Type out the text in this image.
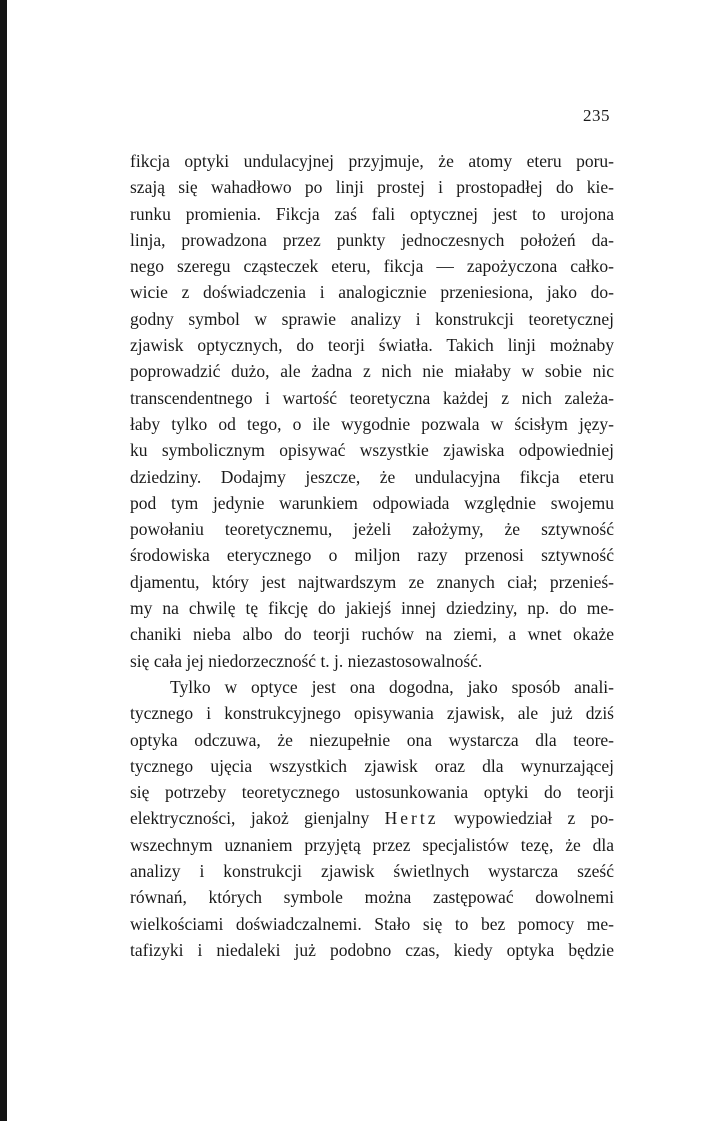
235
fikcja optyki undulacyjnej przyjmuje, że atomy eteru poru-
szają się wahadłowo po linji prostej i prostopadłej do kie-
runku promienia. Fikcja zaś fali optycznej jest to urojona
linja, prowadzona przez punkty jednoczesnych położeń da-
nego szeregu cząsteczek eteru, fikcja — zapożyczona całko-
wicie z doświadczenia i analogicznie przeniesiona, jako do-
godny symbol w sprawie analizy i konstrukcji teoretycznej
zjawisk optycznych, do teorji światła. Takich linji możnaby
poprowadzić dużo, ale żadna z nich nie miałaby w sobie nic
transcendentnego i wartość teoretyczna każdej z nich zależa-
łaby tylko od tego, o ile wygodnie pozwala w ścisłym języ-
ku symbolicznym opisywać wszystkie zjawiska odpowiedniej
dziedziny. Dodajmy jeszcze, że undulacyjna fikcja eteru
pod tym jedynie warunkiem odpowiada względnie swojemu
powołaniu teoretycznemu, jeżeli założymy, że sztywność
środowiska eterycznego o miljon razy przenosi sztywność
djamentu, który jest najtwardszym ze znanych ciał; przenieś-
my na chwilę tę fikcję do jakiejś innej dziedziny, np. do me-
chaniki nieba albo do teorji ruchów na ziemi, a wnet okaże
się cała jej niedorzeczność t. j. niezastosowalność.
Tylko w optyce jest ona dogodna, jako sposób anali-
tycznego i konstrukcyjnego opisywania zjawisk, ale już dziś
optyka odczuwa, że niezupełnie ona wystarcza dla teore-
tycznego ujęcia wszystkich zjawisk oraz dla wynurzającej
się potrzeby teoretycznego ustosunkowania optyki do teorji
elektryczności, jakoż gienjalny Hertz wypowiedział z po-
wszechnym uznaniem przyjętą przez specjalistów tezę, że dla
analizy i konstrukcji zjawisk świetlnych wystarcza sześć
równań, których symbole można zastępować dowolnemi
wielkościami doświadczalnemi. Stało się to bez pomocy me-
tafizyki i niedaleki już podobno czas, kiedy optyka będzie
